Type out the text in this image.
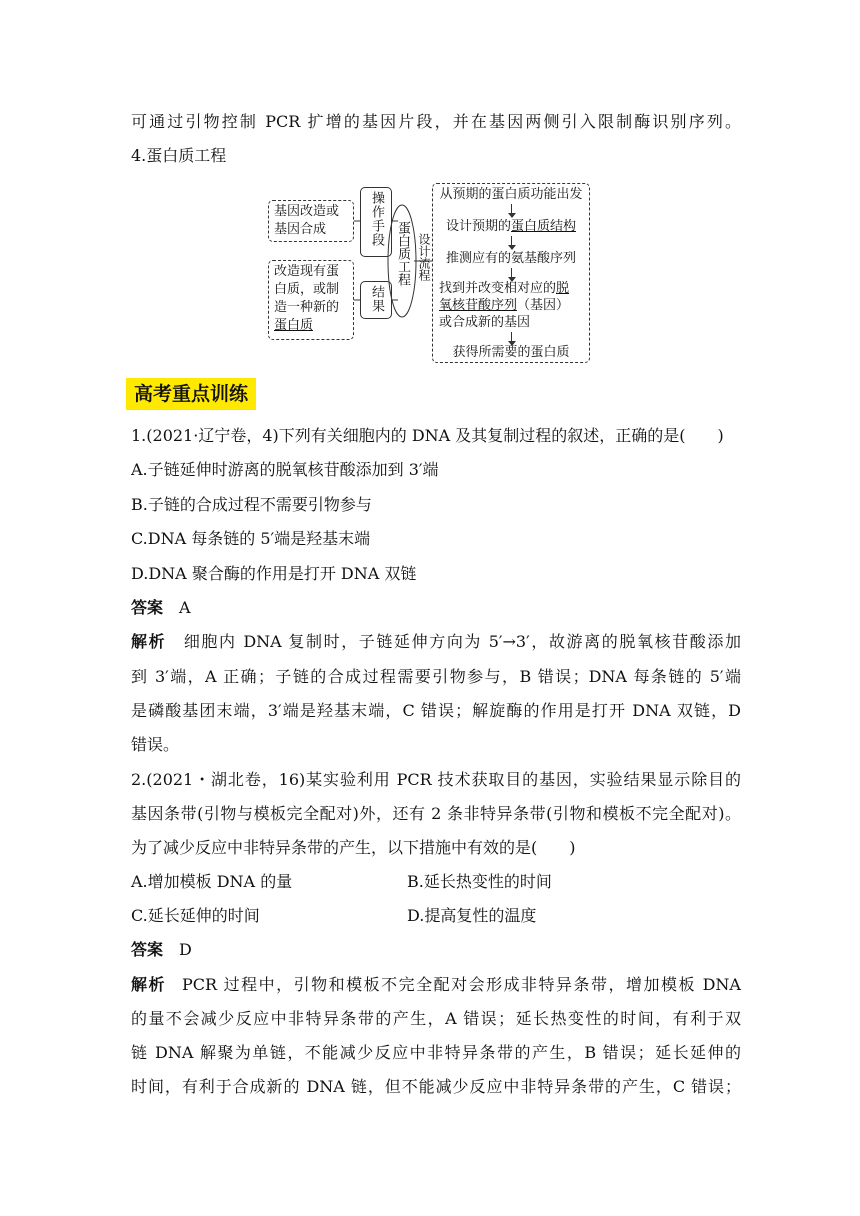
可通过引物控制 PCR 扩增的基因片段，并在基因两侧引入限制酶识别序列。
4.蛋白质工程
基因改造或
基因合成
改造现有蛋
白质，或制
造一种新的
蛋白质
操作手段
结果
蛋白质工程 设计流程
从预期的蛋白质功能出发
设计预期的蛋白质结构
推测应有的氨基酸序列
找到并改变相对应的脱
氧核苷酸序列（基因）
或合成新的基因
获得所需要的蛋白质
高考重点训练
1.(2021·辽宁卷，4)下列有关细胞内的 DNA 及其复制过程的叙述，正确的是(　　)
A.子链延伸时游离的脱氧核苷酸添加到 3′端
B.子链的合成过程不需要引物参与
C.DNA 每条链的 5′端是羟基末端
D.DNA 聚合酶的作用是打开 DNA 双链
答案 A
解析 细胞内 DNA 复制时，子链延伸方向为 5′→3′，故游离的脱氧核苷酸添加
到 3′端，A 正确；子链的合成过程需要引物参与，B 错误；DNA 每条链的 5′端
是磷酸基团末端，3′端是羟基末端，C 错误；解旋酶的作用是打开 DNA 双链，D
错误。
2.(2021・湖北卷，16)某实验利用 PCR 技术获取目的基因，实验结果显示除目的
基因条带(引物与模板完全配对)外，还有 2 条非特异条带(引物和模板不完全配对)。
为了减少反应中非特异条带的产生，以下措施中有效的是(　　)
A.增加模板 DNA 的量	B.延长热变性的时间
C.延长延伸的时间	D.提高复性的温度
答案 D
解析 PCR 过程中，引物和模板不完全配对会形成非特异条带，增加模板 DNA
的量不会减少反应中非特异条带的产生，A 错误；延长热变性的时间，有利于双
链 DNA 解聚为单链，不能减少反应中非特异条带的产生，B 错误；延长延伸的
时间，有利于合成新的 DNA 链，但不能减少反应中非特异条带的产生，C 错误；
